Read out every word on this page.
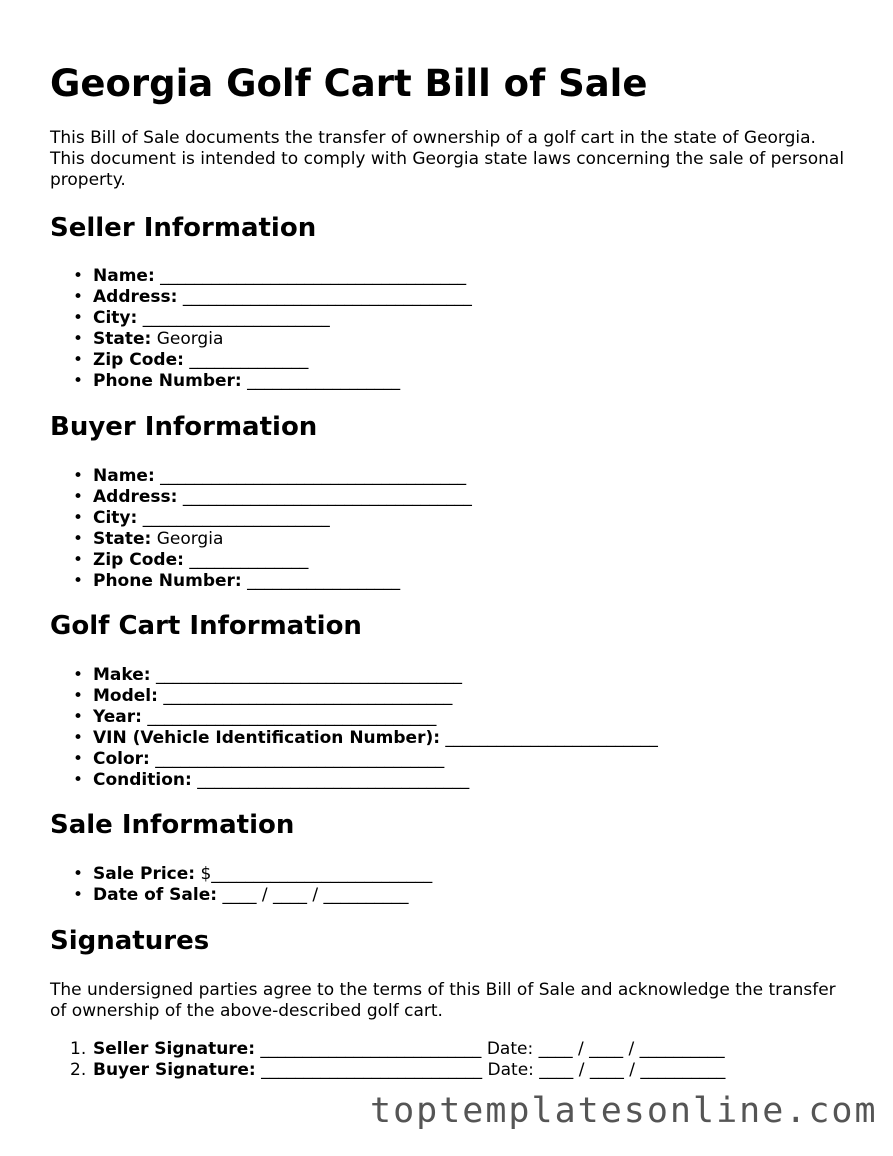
Georgia Golf Cart Bill of Sale

This Bill of Sale documents the transfer of ownership of a golf cart in the state of Georgia. This document is intended to comply with Georgia state laws concerning the sale of personal property.

Seller Information
• Name: ____________________________________
• Address: __________________________________
• City: ______________________
• State: Georgia
• Zip Code: ______________
• Phone Number: __________________
Buyer Information
• Name: ____________________________________
• Address: __________________________________
• City: ______________________
• State: Georgia
• Zip Code: ______________
• Phone Number: __________________
Golf Cart Information
• Make: ____________________________________
• Model: __________________________________
• Year: __________________________________
• VIN (Vehicle Identification Number): _________________________
• Color: __________________________________
• Condition: ________________________________
Sale Information
• Sale Price: $__________________________
• Date of Sale: ____ / ____ / __________
Signatures

The undersigned parties agree to the terms of this Bill of Sale and acknowledge the transfer of ownership of the above-described golf cart.

1. Seller Signature: __________________________ Date: ____ / ____ / __________
2. Buyer Signature: __________________________ Date: ____ / ____ / __________
toptemplatesonline.com
